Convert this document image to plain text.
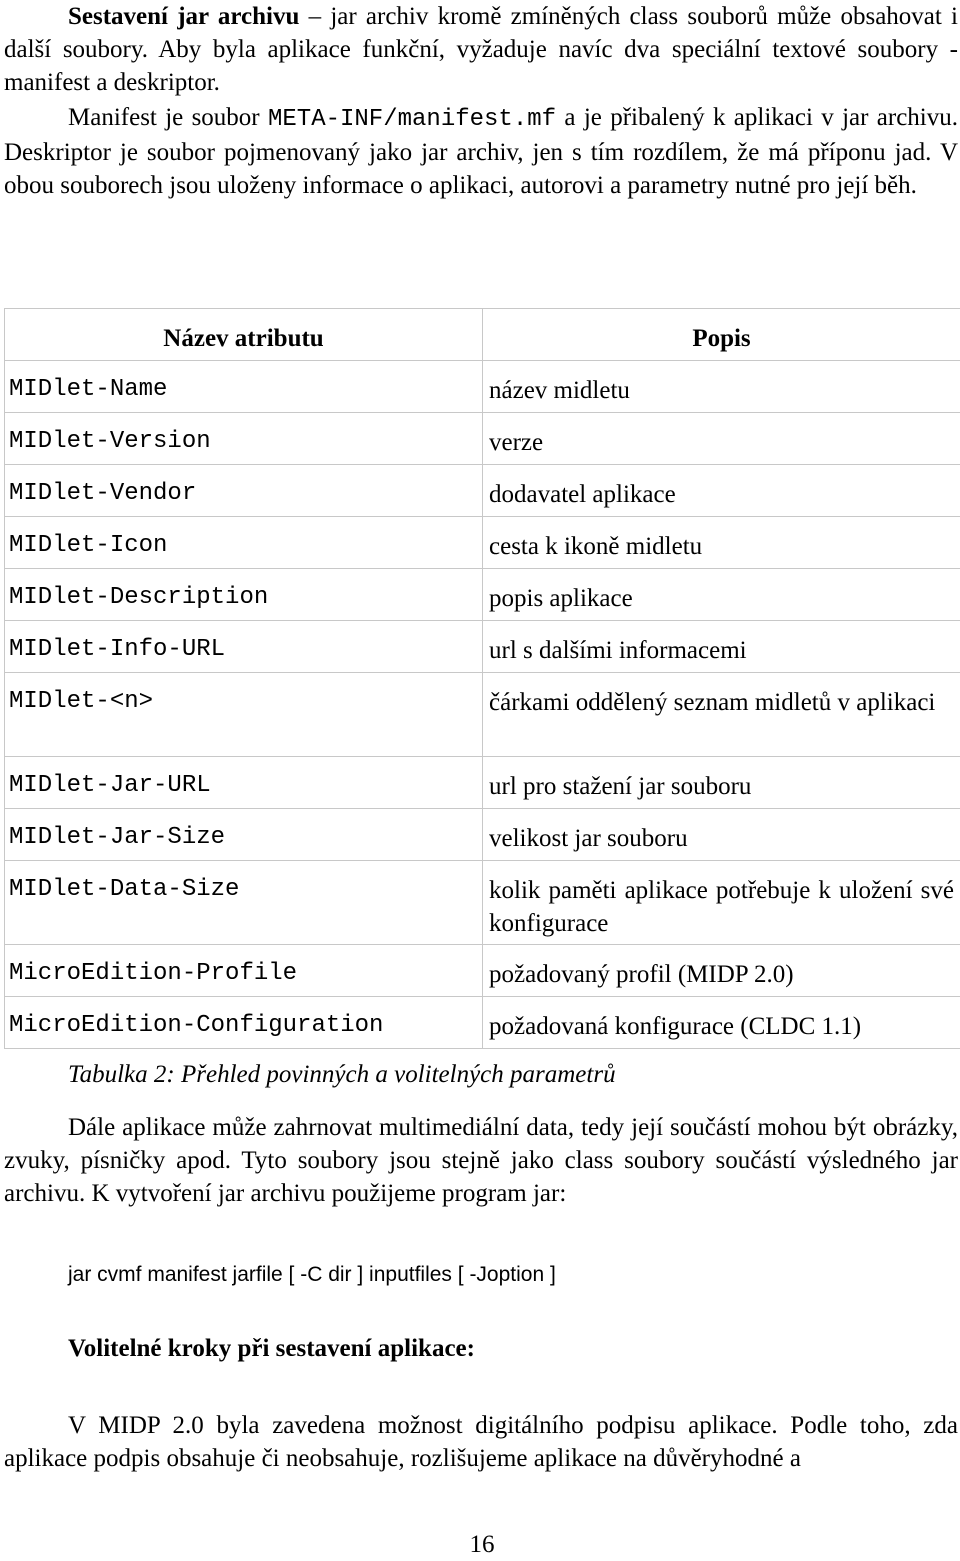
Sestavení jar archivu – jar archiv kromě zmíněných class souborů může obsahovat i další soubory. Aby byla aplikace funkční, vyžaduje navíc dva speciální textové soubory - manifest a deskriptor.

Manifest je soubor META-INF/manifest.mf a je přibalený k aplikaci v jar archivu. Deskriptor je soubor pojmenovaný jako jar archiv, jen s tím rozdílem, že má příponu jad. V obou souborech jsou uloženy informace o aplikaci, autorovi a parametry nutné pro její běh.

Název atributu	Popis
MIDlet-Name	název midletu
MIDlet-Version	verze
MIDlet-Vendor	dodavatel aplikace
MIDlet-Icon	cesta k ikoně midletu
MIDlet-Description	popis aplikace
MIDlet-Info-URL	url s dalšími informacemi
MIDlet-<n>	čárkami oddělený seznam midletů v aplikaci
MIDlet-Jar-URL	url pro stažení jar souboru
MIDlet-Jar-Size	velikost jar souboru
MIDlet-Data-Size	kolik paměti aplikace potřebuje k uložení své konfigurace
MicroEdition-Profile	požadovaný profil (MIDP 2.0)
MicroEdition-Configuration	požadovaná konfigurace (CLDC 1.1)
Tabulka 2: Přehled povinných a volitelných parametrů

Dále aplikace může zahrnovat multimediální data, tedy její součástí mohou být obrázky, zvuky, písničky apod. Tyto soubory jsou stejně jako class soubory součástí výsledného jar archivu. K vytvoření jar archivu použijeme program jar:

jar cvmf manifest jarfile [ -C dir ] inputfiles [ -Joption ]
Volitelné kroky při sestavení aplikace:

V MIDP 2.0 byla zavedena možnost digitálního podpisu aplikace. Podle toho, zda aplikace podpis obsahuje či neobsahuje, rozlišujeme aplikace na důvěryhodné a

16
